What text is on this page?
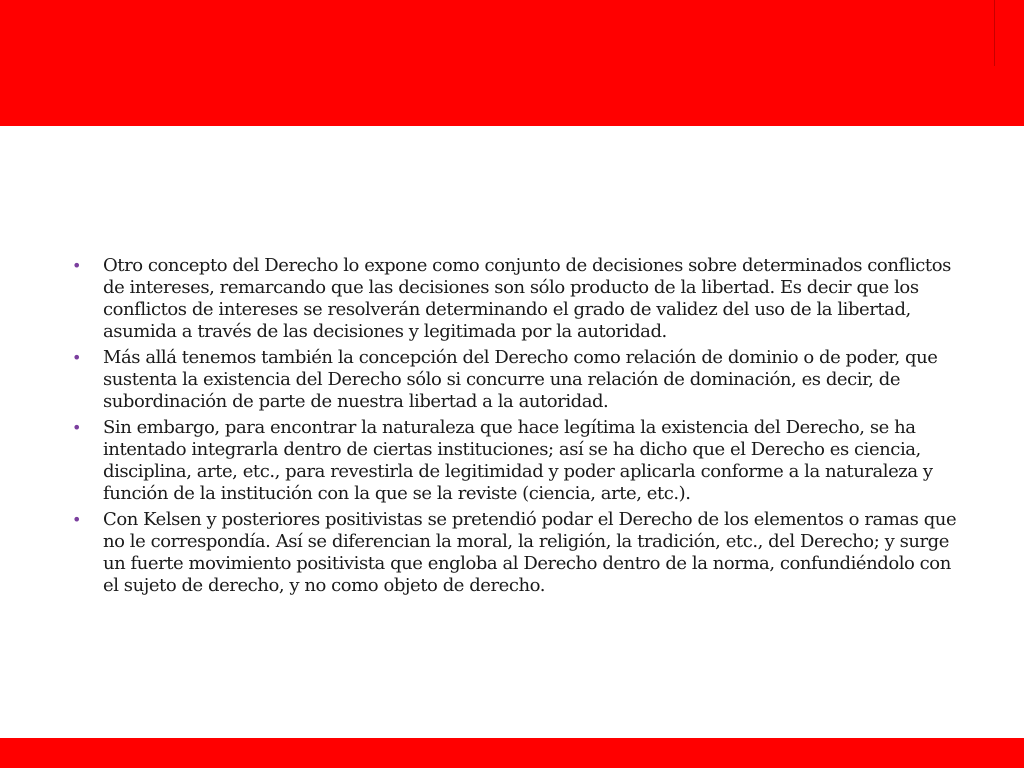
• Otro concepto del Derecho lo expone como conjunto de decisiones sobre determinados conflictos de intereses, remarcando que las decisiones son sólo producto de la libertad. Es decir que los conflictos de intereses se resolverán determinando el grado de validez del uso de la libertad, asumida a través de las decisiones y legitimada por la autoridad.
• Más allá tenemos también la concepción del Derecho como relación de dominio o de poder, que sustenta la existencia del Derecho sólo si concurre una relación de dominación, es decir, de subordinación de parte de nuestra libertad a la autoridad.
• Sin embargo, para encontrar la naturaleza que hace legítima la existencia del Derecho, se ha intentado integrarla dentro de ciertas instituciones; así se ha dicho que el Derecho es ciencia, disciplina, arte, etc., para revestirla de legitimidad y poder aplicarla conforme a la naturaleza y función de la institución con la que se la reviste (ciencia, arte, etc.).
• Con Kelsen y posteriores positivistas se pretendió podar el Derecho de los elementos o ramas que no le correspondía. Así se diferencian la moral, la religión, la tradición, etc., del Derecho; y surge un fuerte movimiento positivista que engloba al Derecho dentro de la norma, confundiéndolo con el sujeto de derecho, y no como objeto de derecho.
